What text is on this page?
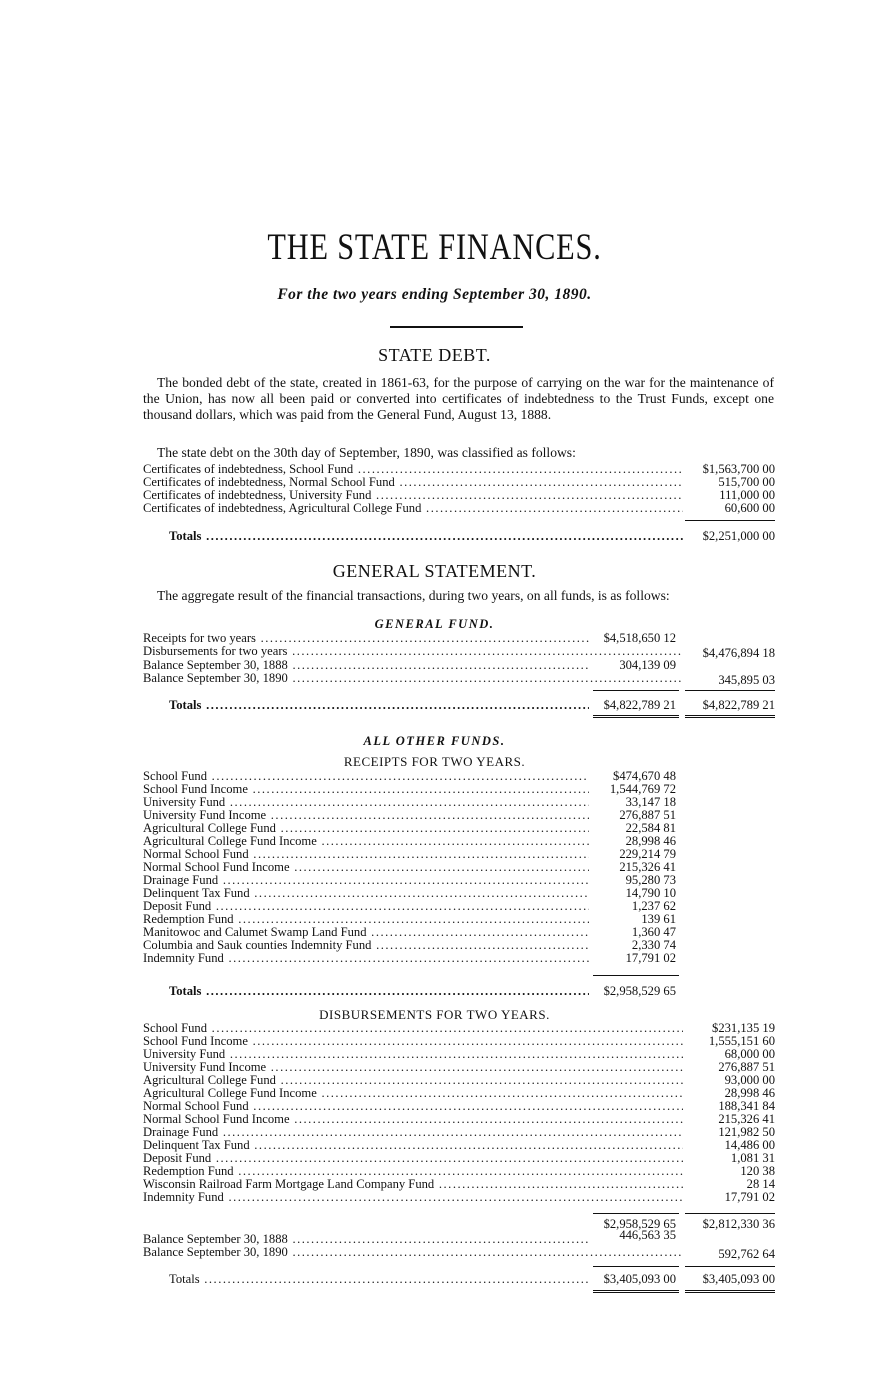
THE STATE FINANCES.
For the two years ending September 30, 1890.
STATE DEBT.
The bonded debt of the state, created in 1861-63, for the purpose of carrying on the war for the maintenance of the Union, has now all been paid or converted into certificates of indebtedness to the Trust Funds, except one thousand dollars, which was paid from the General Fund, August 13, 1888.
The state debt on the 30th day of September, 1890, was classified as follows:
Certificates of indebtedness, School Fund .....	$1,563,700 00
Certificates of indebtedness, Normal School Fund .....	515,700 00
Certificates of indebtedness, University Fund .....	111,000 00
Certificates of indebtedness, Agricultural College Fund .....	60,600 00
Totals .....	$2,251,000 00
GENERAL STATEMENT.
The aggregate result of the financial transactions, during two years, on all funds, is as follows:
GENERAL FUND.
Receipts for two years .....	$4,518,650 12
Disbursements for two years .....	$4,476,894 18
Balance September 30, 1888 .....	304,139 09
Balance September 30, 1890 .....	345,895 03
Totals .....	$4,822,789 21 $4,822,789 21
ALL OTHER FUNDS.
RECEIPTS FOR TWO YEARS.
School Fund .....	$474,670 48
School Fund Income .....	1,544,769 72
University Fund .....	33,147 18
University Fund Income .....	276,887 51
Agricultural College Fund .....	22,584 81
Agricultural College Fund Income .....	28,998 46
Normal School Fund .....	229,214 79
Normal School Fund Income .....	215,326 41
Drainage Fund .....	95,280 73
Delinquent Tax Fund .....	14,790 10
Deposit Fund .....	1,237 62
Redemption Fund .....	139 61
Manitowoc and Calumet Swamp Land Fund .....	1,360 47
Columbia and Sauk counties Indemnity Fund .....	2,330 74
Indemnity Fund .....	17,791 02
Totals .....	$2,958,529 65
DISBURSEMENTS FOR TWO YEARS.
School Fund .....	$231,135 19
School Fund Income .....	1,555,151 60
University Fund .....	68,000 00
University Fund Income .....	276,887 51
Agricultural College Fund .....	93,000 00
Agricultural College Fund Income .....	28,998 46
Normal School Fund .....	188,341 84
Normal School Fund Income .....	215,326 41
Drainage Fund .....	121,982 50
Delinquent Tax Fund .....	14,486 00
Deposit Fund .....	1,081 31
Redemption Fund .....	120 38
Wisconsin Railroad Farm Mortgage Land Company Fund .....	28 14
Indemnity Fund .....	17,791 02
$2,958,529 65 $2,812,330 36
Balance September 30, 1888 .....	446,563 35
Balance September 30, 1890 .....	592,762 64
Totals .....	$3,405,093 00 $3,405,093 00
